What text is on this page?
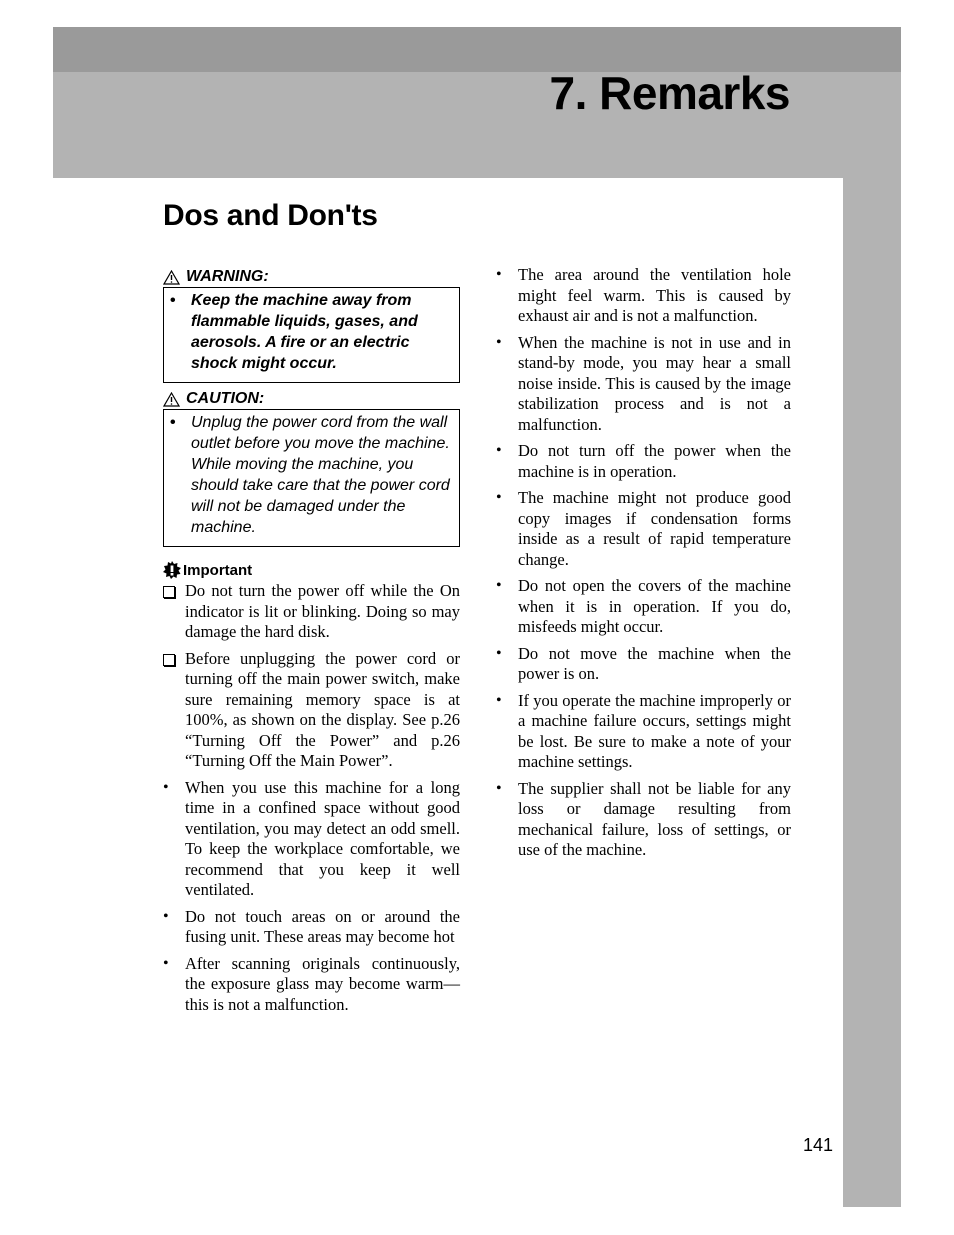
7. Remarks
Dos and Don'ts
WARNING:
• Keep the machine away from flammable liquids, gases, and aerosols. A fire or an electric shock might occur.
CAUTION:
• Unplug the power cord from the wall outlet before you move the machine. While moving the machine, you should take care that the power cord will not be damaged under the machine.
Important
Do not turn the power off while the On indicator is lit or blinking. Doing so may damage the hard disk.
Before unplugging the power cord or turning off the main power switch, make sure remaining memory space is at 100%, as shown on the display. See p.26 “Turning Off the Power” and p.26 “Turning Off the Main Power”.
• When you use this machine for a long time in a confined space without good ventilation, you may detect an odd smell. To keep the workplace comfortable, we recommend that you keep it well ventilated.
• Do not touch areas on or around the fusing unit. These areas may become hot
• After scanning originals continuously, the exposure glass may become warm—this is not a malfunction.
• The area around the ventilation hole might feel warm. This is caused by exhaust air and is not a malfunction.
• When the machine is not in use and in stand-by mode, you may hear a small noise inside. This is caused by the image stabilization process and is not a malfunction.
• Do not turn off the power when the machine is in operation.
• The machine might not produce good copy images if condensation forms inside as a result of rapid temperature change.
• Do not open the covers of the machine when it is in operation. If you do, misfeeds might occur.
• Do not move the machine when the power is on.
• If you operate the machine improperly or a machine failure occurs, settings might be lost. Be sure to make a note of your machine settings.
• The supplier shall not be liable for any loss or damage resulting from mechanical failure, loss of settings, or use of the machine.
141
